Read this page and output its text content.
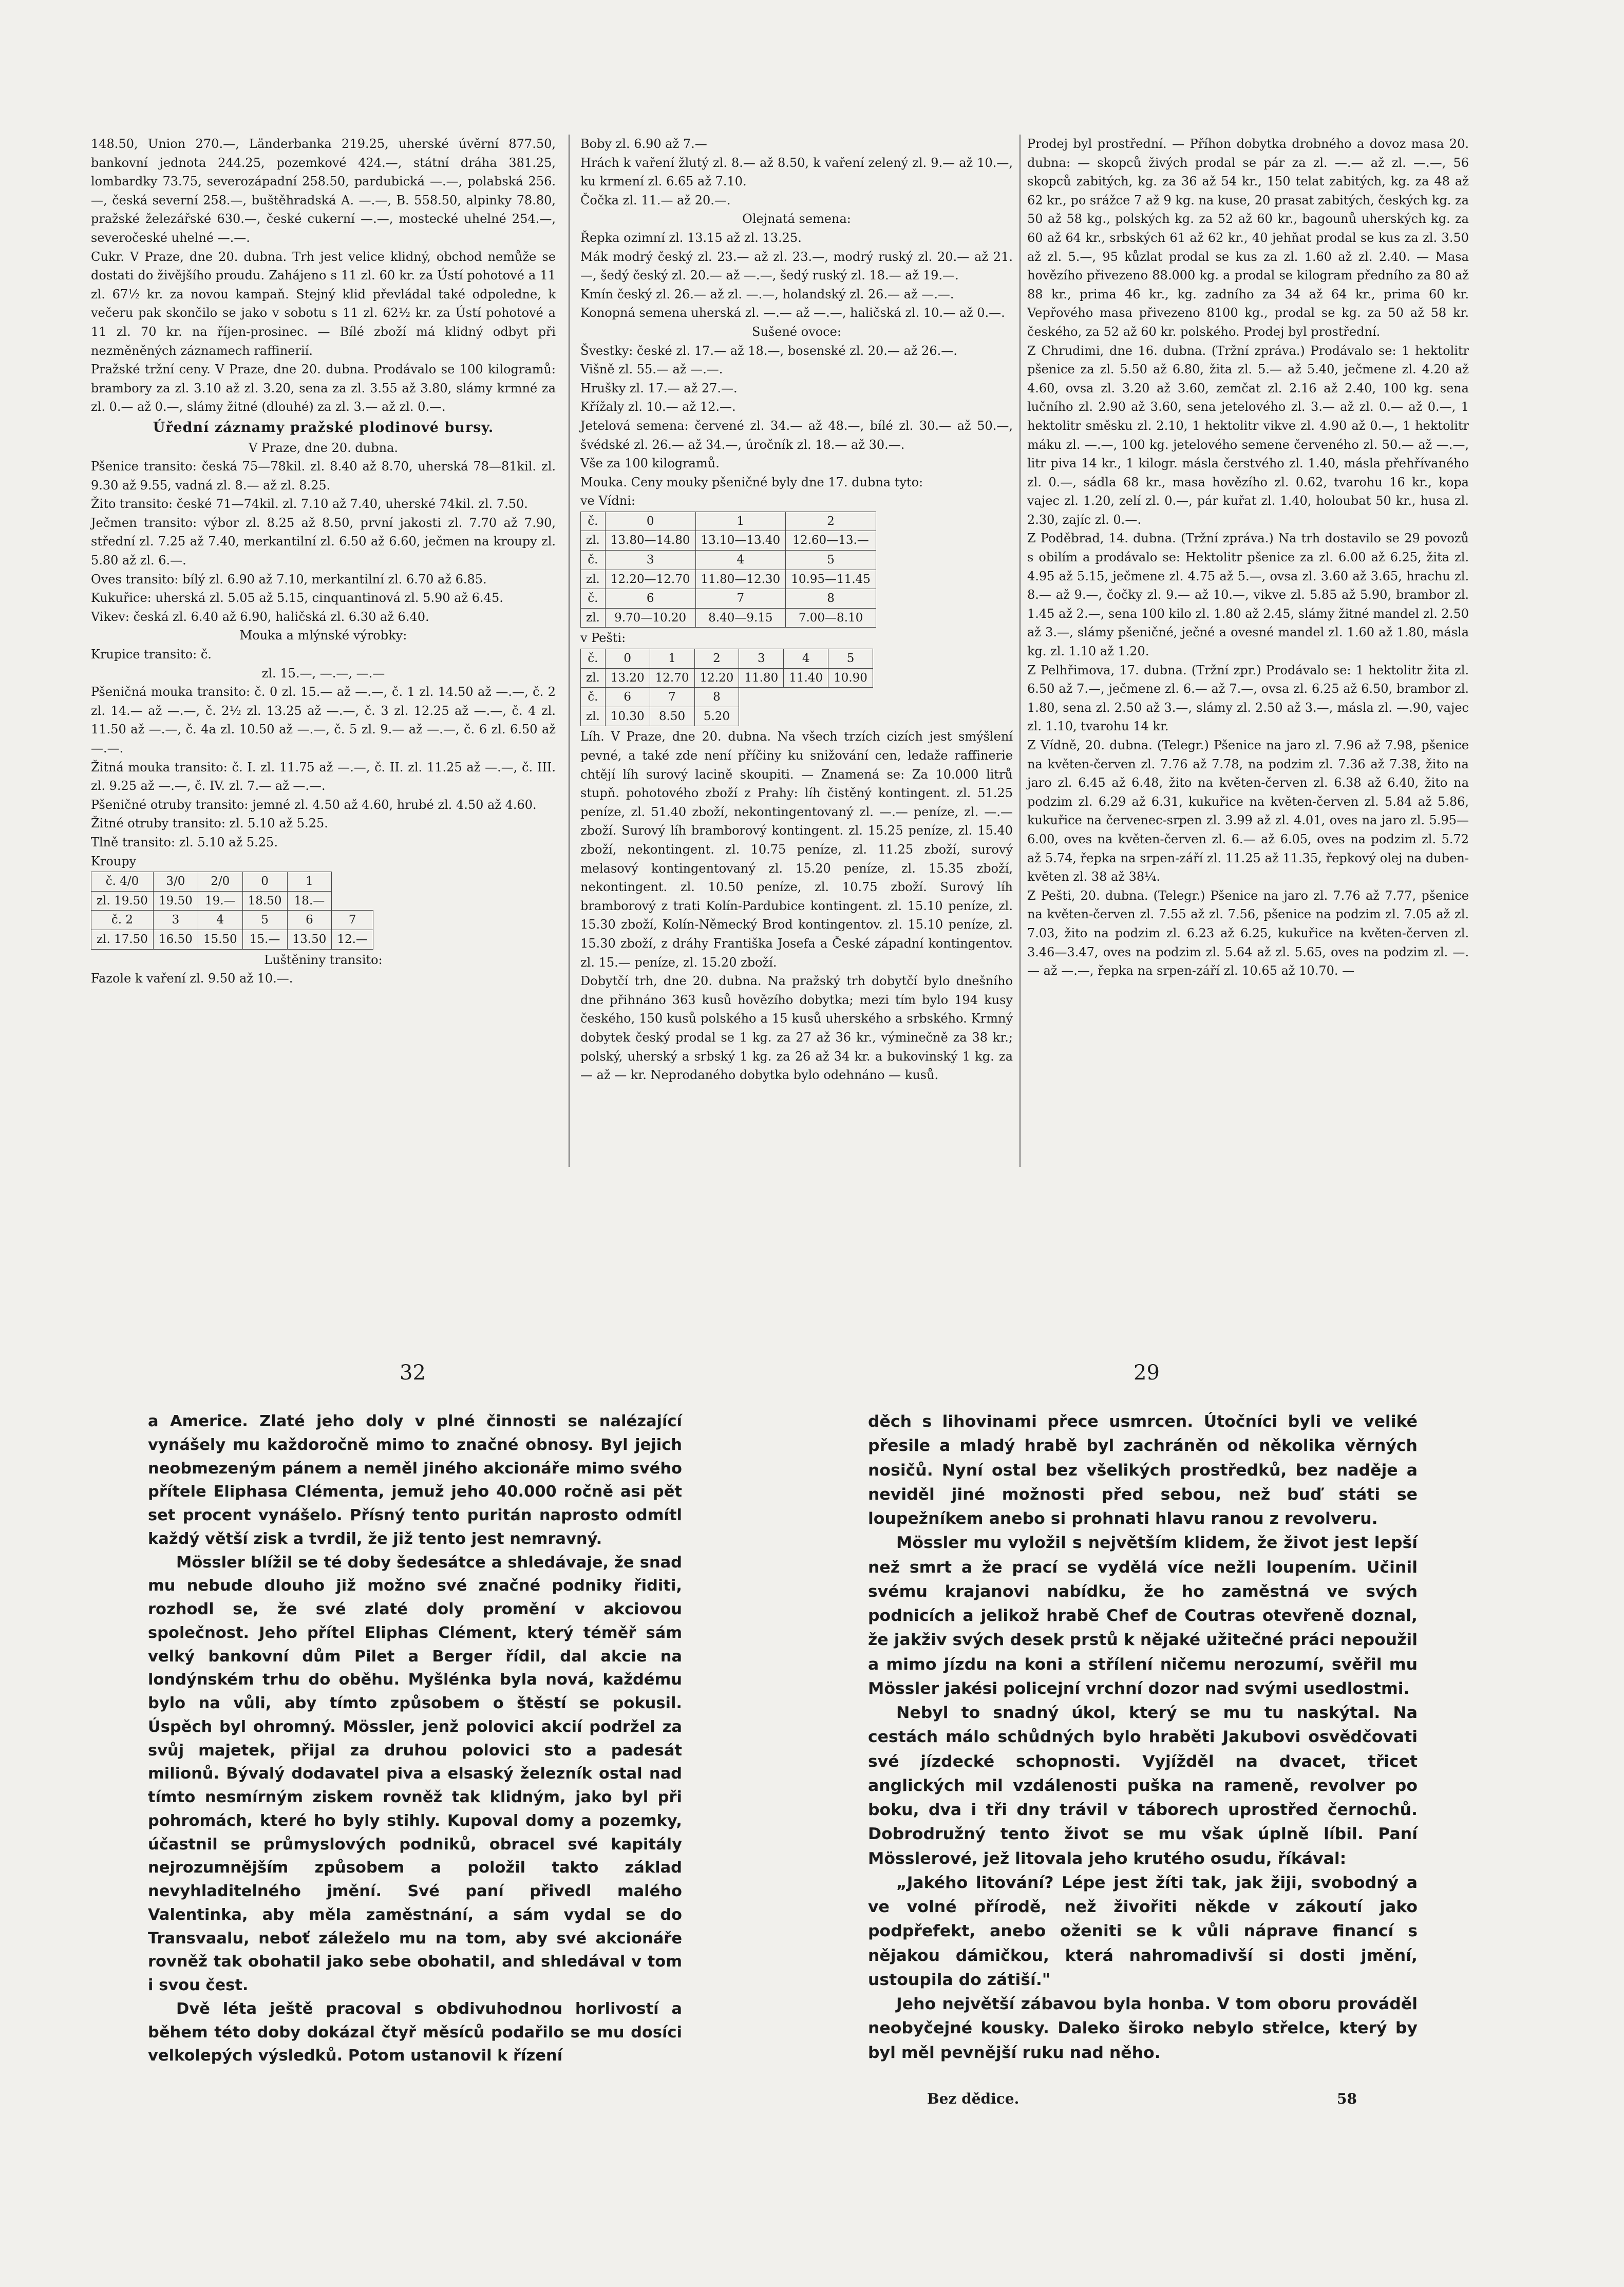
148.50, Union 270.—, Länderbanka 219.25, uherské úvěrní 877.50, bankovní jednota 244.25, pozemkové 424.—, státní dráha 381.25, lombardky 73.75, severozápadní 258.50, pardubická —.—, polabská 256.—, česká severní 258.—, buštěhradská A. —.—, B. 558.50, alpinky 78.80, pražské železářské 630.—, české cukerní —.—, mostecké uhelné 254.—, severočeské uhelné —.—.

Cukr. V Praze, dne 20. dubna. Trh jest velice klidný, obchod nemůže se dostati do živějšího proudu. Zahájeno s 11 zl. 60 kr. za Ústí pohotové a 11 zl. 67½ kr. za novou kampaň. Stejný klid převládal také odpoledne, k večeru pak skončilo se jako v sobotu s 11 zl. 62½ kr. za Ústí pohotové a 11 zl. 70 kr. na říjen-prosinec. — Bílé zboží má klidný odbyt při nezměněných záznamech raffinerií.

Pražské tržní ceny. V Praze, dne 20. dubna. Prodávalo se 100 kilogramů: brambory za zl. 3.10 až zl. 3.20, sena za zl. 3.55 až 3.80, slámy krmné za zl. 0.— až 0.—, slámy žitné (dlouhé) za zl. 3.— až zl. 0.—.

Úřední záznamy pražské plodinové bursy.

V Praze, dne 20. dubna.

Pšenice transito: česká 75—78kil. zl. 8.40 až 8.70, uherská 78—81kil. zl. 9.30 až 9.55, vadná zl. 8.— až zl. 8.25.

Žito transito: české 71—74kil. zl. 7.10 až 7.40, uherské 74kil. zl. 7.50.

Ječmen transito: výbor zl. 8.25 až 8.50, první jakosti zl. 7.70 až 7.90, střední zl. 7.25 až 7.40, merkantilní zl. 6.50 až 6.60, ječmen na kroupy zl. 5.80 až zl. 6.—.

Oves transito: bílý zl. 6.90 až 7.10, merkantilní zl. 6.70 až 6.85.

Kukuřice: uherská zl. 5.05 až 5.15, cinquantinová zl. 5.90 až 6.45.

Vikev: česká zl. 6.40 až 6.90, haličská zl. 6.30 až 6.40.

Mouka a mlýnské výrobky:

Krupice transito: č.

zl. 15.—, —.—, —.—

Pšeničná mouka transito: č. 0 zl. 15.— až —.—, č. 1 zl. 14.50 až —.—, č. 2 zl. 14.— až —.—, č. 2½ zl. 13.25 až —.—, č. 3 zl. 12.25 až —.—, č. 4 zl. 11.50 až —.—, č. 4a zl. 10.50 až —.—, č. 5 zl. 9.— až —.—, č. 6 zl. 6.50 až —.—.

Žitná mouka transito: č. I. zl. 11.75 až —.—, č. II. zl. 11.25 až —.—, č. III. zl. 9.25 až —.—, č. IV. zl. 7.— až —.—.

Pšeničné otruby transito: jemné zl. 4.50 až 4.60, hrubé zl. 4.50 až 4.60.

Žitné otruby transito: zl. 5.10 až 5.25.

Tlně transito: zl. 5.10 až 5.25.

Kroupy

č. 4/0	3/0	2/0	0	1	
zl. 19.50	19.50	19.—	18.50	18.—	
č. 2	3	4	5	6	7
zl. 17.50	16.50	15.50	15.—	13.50	12.—

Luštěniny transito:

Fazole k vaření zl. 9.50 až 10.—.

Boby zl. 6.90 až 7.—

Hrách k vaření žlutý zl. 8.— až 8.50, k vaření zelený zl. 9.— až 10.—, ku krmení zl. 6.65 až 7.10.

Čočka zl. 11.— až 20.—.

Olejnatá semena:

Řepka ozimní zl. 13.15 až zl. 13.25.

Mák modrý český zl. 23.— až zl. 23.—, modrý ruský zl. 20.— až 21.—, šedý český zl. 20.— až —.—, šedý ruský zl. 18.— až 19.—.

Kmín český zl. 26.— až zl. —.—, holandský zl. 26.— až —.—.

Konopná semena uherská zl. —.— až —.—, haličská zl. 10.— až 0.—.

Sušené ovoce:

Švestky: české zl. 17.— až 18.—, bosenské zl. 20.— až 26.—.

Višně zl. 55.— až —.—.

Hrušky zl. 17.— až 27.—.

Křížaly zl. 10.— až 12.—.

Jetelová semena: červené zl. 34.— až 48.—, bílé zl. 30.— až 50.—, švédské zl. 26.— až 34.—, úročník zl. 18.— až 30.—.

Vše za 100 kilogramů.

Mouka. Ceny mouky pšeničné byly dne 17. dubna tyto:

ve Vídni:

č.	0	1	2
zl.	13.80—14.80	13.10—13.40	12.60—13.—
č.	3	4	5
zl.	12.20—12.70	11.80—12.30	10.95—11.45
č.	6	7	8
zl.	9.70—10.20	8.40—9.15	7.00—8.10

v Pešti:

č.	0	1	2	3	4	5
zl.	13.20	12.70	12.20	11.80	11.40	10.90
č.	6	7	8			
zl.	10.30	8.50	5.20			

Líh. V Praze, dne 20. dubna. Na všech trzích cizích jest smýšlení pevné, a také zde není příčiny ku snižování cen, ledaže raffinerie chtějí líh surový lacině skoupiti. — Znamená se: Za 10.000 litrů stupň. pohotového zboží z Prahy: líh čistěný kontingent. zl. 51.25 peníze, zl. 51.40 zboží, nekontingentovaný zl. —.— peníze, zl. —.— zboží. Surový líh bramborový kontingent. zl. 15.25 peníze, zl. 15.40 zboží, nekontingent. zl. 10.75 peníze, zl. 11.25 zboží, surový melasový kontingentovaný zl. 15.20 peníze, zl. 15.35 zboží, nekontingent. zl. 10.50 peníze, zl. 10.75 zboží. Surový líh bramborový z trati Kolín-Pardubice kontingent. zl. 15.10 peníze, zl. 15.30 zboží, Kolín-Německý Brod kontingentov. zl. 15.10 peníze, zl. 15.30 zboží, z dráhy Františka Josefa a České západní kontingentov. zl. 15.— peníze, zl. 15.20 zboží.

Dobytčí trh, dne 20. dubna. Na pražský trh dobytčí bylo dnešního dne přihnáno 363 kusů hovězího dobytka; mezi tím bylo 194 kusy českého, 150 kusů polského a 15 kusů uherského a srbského. Krmný dobytek český prodal se 1 kg. za 27 až 36 kr., výminečně za 38 kr.; polský, uherský a srbský 1 kg. za 26 až 34 kr. a bukovinský 1 kg. za — až — kr. Neprodaného dobytka bylo odehnáno — kusů.

Prodej byl prostřední. — Příhon dobytka drobného a dovoz masa 20. dubna: — skopců živých prodal se pár za zl. —.— až zl. —.—, 56 skopců zabitých, kg. za 36 až 54 kr., 150 telat zabitých, kg. za 48 až 62 kr., po srážce 7 až 9 kg. na kuse, 20 prasat zabitých, českých kg. za 50 až 58 kg., polských kg. za 52 až 60 kr., bagounů uherských kg. za 60 až 64 kr., srbských 61 až 62 kr., 40 jehňat prodal se kus za zl. 3.50 až zl. 5.—, 95 kůzlat prodal se kus za zl. 1.60 až zl. 2.40. — Masa hovězího přivezeno 88.000 kg. a prodal se kilogram předního za 80 až 88 kr., prima 46 kr., kg. zadního za 34 až 64 kr., prima 60 kr. Vepřového masa přivezeno 8100 kg., prodal se kg. za 50 až 58 kr. českého, za 52 až 60 kr. polského. Prodej byl prostřední.

Z Chrudimi, dne 16. dubna. (Tržní zpráva.) Prodávalo se: 1 hektolitr pšenice za zl. 5.50 až 6.80, žita zl. 5.— až 5.40, ječmene zl. 4.20 až 4.60, ovsa zl. 3.20 až 3.60, zemčat zl. 2.16 až 2.40, 100 kg. sena lučního zl. 2.90 až 3.60, sena jetelového zl. 3.— až zl. 0.— až 0.—, 1 hektolitr směsku zl. 2.10, 1 hektolitr vikve zl. 4.90 až 0.—, 1 hektolitr máku zl. —.—, 100 kg. jetelového semene červeného zl. 50.— až —.—, litr piva 14 kr., 1 kilogr. másla čerstvého zl. 1.40, másla přehřívaného zl. 0.—, sádla 68 kr., masa hovězího zl. 0.62, tvarohu 16 kr., kopa vajec zl. 1.20, zelí zl. 0.—, pár kuřat zl. 1.40, holoubat 50 kr., husa zl. 2.30, zajíc zl. 0.—.

Z Poděbrad, 14. dubna. (Tržní zpráva.) Na trh dostavilo se 29 povozů s obilím a prodávalo se: Hektolitr pšenice za zl. 6.00 až 6.25, žita zl. 4.95 až 5.15, ječmene zl. 4.75 až 5.—, ovsa zl. 3.60 až 3.65, hrachu zl. 8.— až 9.—, čočky zl. 9.— až 10.—, vikve zl. 5.85 až 5.90, brambor zl. 1.45 až 2.—, sena 100 kilo zl. 1.80 až 2.45, slámy žitné mandel zl. 2.50 až 3.—, slámy pšeničné, ječné a ovesné mandel zl. 1.60 až 1.80, másla kg. zl. 1.10 až 1.20.

Z Pelhřimova, 17. dubna. (Tržní zpr.) Prodávalo se: 1 hektolitr žita zl. 6.50 až 7.—, ječmene zl. 6.— až 7.—, ovsa zl. 6.25 až 6.50, brambor zl. 1.80, sena zl. 2.50 až 3.—, slámy zl. 2.50 až 3.—, másla zl. —.90, vajec zl. 1.10, tvarohu 14 kr.

Z Vídně, 20. dubna. (Telegr.) Pšenice na jaro zl. 7.96 až 7.98, pšenice na květen-červen zl. 7.76 až 7.78, na podzim zl. 7.36 až 7.38, žito na jaro zl. 6.45 až 6.48, žito na květen-červen zl. 6.38 až 6.40, žito na podzim zl. 6.29 až 6.31, kukuřice na květen-červen zl. 5.84 až 5.86, kukuřice na červenec-srpen zl. 3.99 až zl. 4.01, oves na jaro zl. 5.95—6.00, oves na květen-červen zl. 6.— až 6.05, oves na podzim zl. 5.72 až 5.74, řepka na srpen-září zl. 11.25 až 11.35, řepkový olej na duben-květen zl. 38 až 38¼.

Z Pešti, 20. dubna. (Telegr.) Pšenice na jaro zl. 7.76 až 7.77, pšenice na květen-červen zl. 7.55 až zl. 7.56, pšenice na podzim zl. 7.05 až zl. 7.03, žito na podzim zl. 6.23 až 6.25, kukuřice na květen-červen zl. 3.46—3.47, oves na podzim zl. 5.64 až zl. 5.65, oves na podzim zl. —.— až —.—, řepka na srpen-září zl. 10.65 až 10.70. —

32	29

a Americe. Zlaté jeho doly v plné činnosti se nalézající vynášely mu každoročně mimo to značné obnosy. Byl jejich neobmezeným pánem a neměl jiného akcionáře mimo svého přítele Eliphasa Clémenta, jemuž jeho 40.000 ročně asi pět set procent vynášelo. Přísný tento puritán naprosto odmítl každý větší zisk a tvrdil, že již tento jest nemravný.

Mössler blížil se té doby šedesátce a shledávaje, že snad mu nebude dlouho již možno své značné podniky řiditi, rozhodl se, že své zlaté doly promění v akciovou společnost. Jeho přítel Eliphas Clément, který téměř sám velký bankovní dům Pilet a Berger řídil, dal akcie na londýnském trhu do oběhu. Myšlénka byla nová, každému bylo na vůli, aby tímto způsobem o štěstí se pokusil. Úspěch byl ohromný. Mössler, jenž polovici akcií podržel za svůj majetek, přijal za druhou polovici sto a padesát milionů. Bývalý dodavatel piva a elsaský železník ostal nad tímto nesmírným ziskem rovněž tak klidným, jako byl při pohromách, které ho byly stihly. Kupoval domy a pozemky, účastnil se průmyslových podniků, obracel své kapitály nejrozumnějším způsobem a položil takto základ nevyhladitelného jmění. Své paní přivedl malého Valentinka, aby měla zaměstnání, a sám vydal se do Transvaalu, neboť záleželo mu na tom, aby své akcionáře rovněž tak obohatil jako sebe obohatil, and shledával v tom i svou čest.

Dvě léta ještě pracoval s obdivuhodnou horlivostí a během této doby dokázal čtyř měsíců podařilo se mu dosíci velkolepých výsledků. Potom ustanovil k řízení

děch s lihovinami přece usmrcen. Útočníci byli ve veliké přesile a mladý hrabě byl zachráněn od několika věrných nosičů. Nyní ostal bez všelikých prostředků, bez naděje a neviděl jiné možnosti před sebou, než buď státi se loupežníkem anebo si prohnati hlavu ranou z revolveru.

Mössler mu vyložil s největším klidem, že život jest lepší než smrt a že prací se vydělá více nežli loupením. Učinil svému krajanovi nabídku, že ho zaměstná ve svých podnicích a jelikož hrabě Chef de Coutras otevřeně doznal, že jakživ svých desek prstů k nějaké užitečné práci nepoužil a mimo jízdu na koni a střílení ničemu nerozumí, svěřil mu Mössler jakési policejní vrchní dozor nad svými usedlostmi.

Nebyl to snadný úkol, který se mu tu naskýtal. Na cestách málo schůdných bylo hraběti Jakubovi osvědčovati své jízdecké schopnosti. Vyjížděl na dvacet, třicet anglických mil vzdálenosti puška na rameně, revolver po boku, dva i tři dny trávil v táborech uprostřed černochů. Dobrodružný tento život se mu však úplně líbil. Paní Mösslerové, jež litovala jeho krutého osudu, říkával:

„Jakého litování? Lépe jest žíti tak, jak žiji, svobodný a ve volné přírodě, než živořiti někde v zákoutí jako podpřefekt, anebo oženiti se k vůli náprave financí s nějakou dámičkou, která nahromadivší si dosti jmění, ustoupila do zátiší."

Jeho největší zábavou byla honba. V tom oboru prováděl neobyčejné kousky. Daleko široko nebylo střelce, který by byl měl pevnější ruku nad něho.

Bez dědice.	58
